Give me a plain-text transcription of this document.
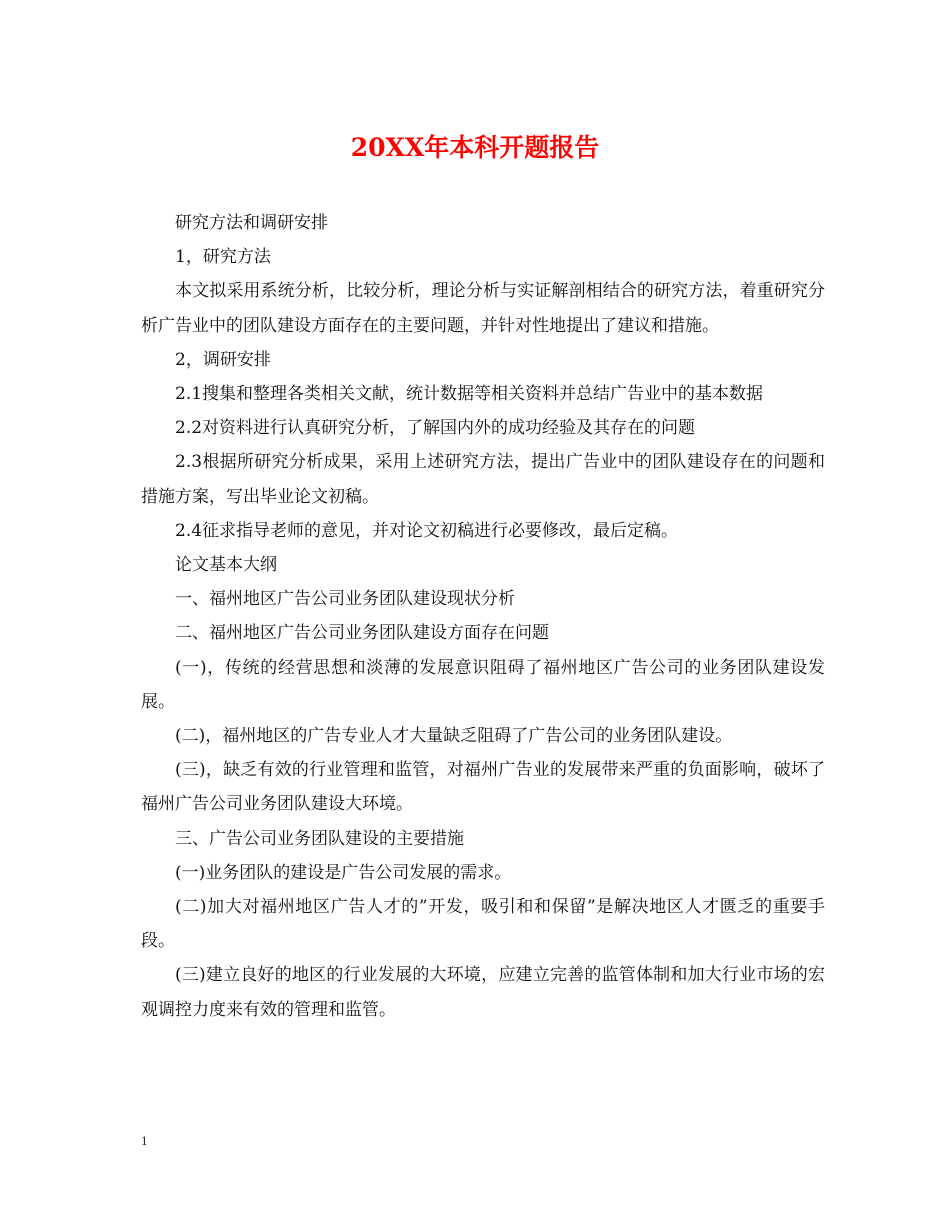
20XX年本科开题报告

研究方法和调研安排

1，研究方法

本文拟采用系统分析，比较分析，理论分析与实证解剖相结合的研究方法，着重研究分析广告业中的团队建设方面存在的主要问题，并针对性地提出了建议和措施。

2，调研安排

2.1搜集和整理各类相关文献，统计数据等相关资料并总结广告业中的基本数据

2.2对资料进行认真研究分析，了解国内外的成功经验及其存在的问题

2.3根据所研究分析成果，采用上述研究方法，提出广告业中的团队建设存在的问题和措施方案，写出毕业论文初稿。

2.4征求指导老师的意见，并对论文初稿进行必要修改，最后定稿。

论文基本大纲

一、福州地区广告公司业务团队建设现状分析

二、福州地区广告公司业务团队建设方面存在问题

(一)，传统的经营思想和淡薄的发展意识阻碍了福州地区广告公司的业务团队建设发展。

(二)，福州地区的广告专业人才大量缺乏阻碍了广告公司的业务团队建设。

(三)，缺乏有效的行业管理和监管，对福州广告业的发展带来严重的负面影响，破坏了福州广告公司业务团队建设大环境。

三、广告公司业务团队建设的主要措施

(一)业务团队的建设是广告公司发展的需求。

(二)加大对福州地区广告人才的”开发，吸引和和保留”是解决地区人才匮乏的重要手段。

(三)建立良好的地区的行业发展的大环境，应建立完善的监管体制和加大行业市场的宏观调控力度来有效的管理和监管。

1
